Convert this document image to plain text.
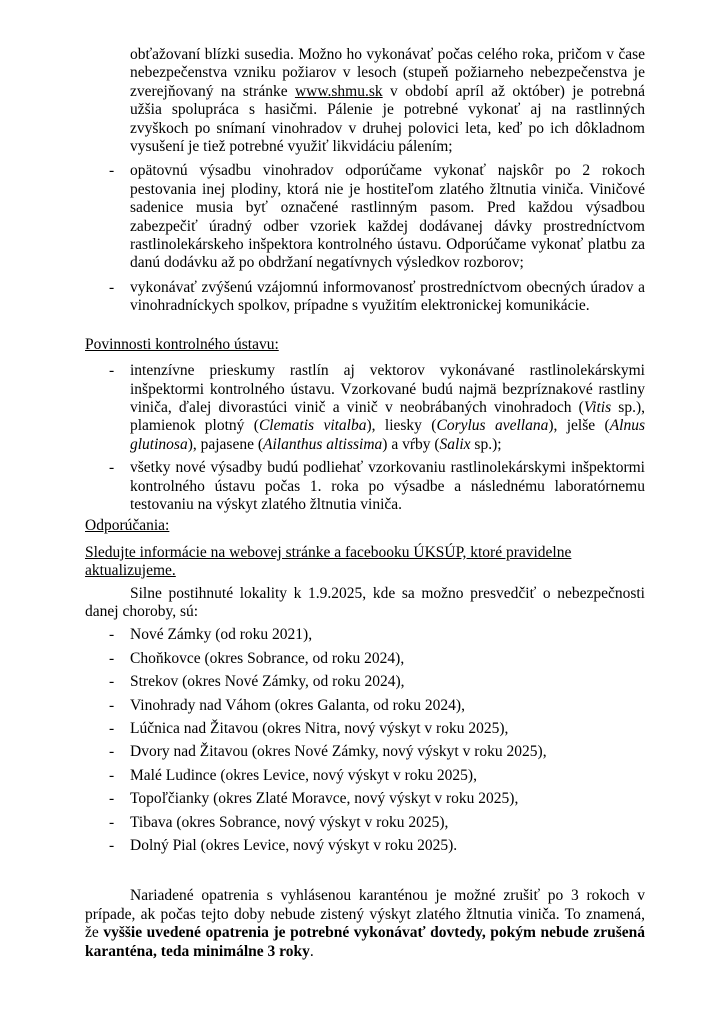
obťažovaní blízki susedia. Možno ho vykonávať počas celého roka, pričom v čase nebezpečenstva vzniku požiarov v lesoch (stupeň požiarneho nebezpečenstva je zverejňovaný na stránke www.shmu.sk v období apríl až október) je potrebná užšia spolupráca s hasičmi. Pálenie je potrebné vykonať aj na rastlinných zvyškoch po snímaní vinohradov v druhej polovici leta, keď po ich dôkladnom vysušení je tiež potrebné využiť likvidáciu pálením;

-	opätovnú výsadbu vinohradov odporúčame vykonať najskôr po 2 rokoch pestovania inej plodiny, ktorá nie je hostiteľom zlatého žltnutia viniča. Viničové sadenice musia byť označené rastlinným pasom. Pred každou výsadbou zabezpečiť úradný odber vzoriek každej dodávanej dávky prostredníctvom rastlinolekárskeho inšpektora kontrolného ústavu. Odporúčame vykonať platbu za danú dodávku až po obdržaní negatívnych výsledkov rozborov;

-	vykonávať zvýšenú vzájomnú informovanosť prostredníctvom obecných úradov a vinohradníckych spolkov, prípadne s využitím elektronickej komunikácie.

Povinnosti kontrolného ústavu:

-	intenzívne prieskumy rastlín aj vektorov vykonávané rastlinolekárskymi inšpektormi kontrolného ústavu. Vzorkované budú najmä bezpríznakové rastliny viniča, ďalej divorastúci vinič a vinič v neobrábaných vinohradoch (Vitis sp.), plamienok plotný (Clematis vitalba), liesky (Corylus avellana), jelše (Alnus glutinosa), pajasene (Ailanthus altissima) a vŕby (Salix sp.);

-	všetky nové výsadby budú podliehať vzorkovaniu rastlinolekárskymi inšpektormi kontrolného ústavu počas 1. roka po výsadbe a následnému laboratórnemu testovaniu na výskyt zlatého žltnutia viniča.

Odporúčania:

Sledujte informácie na webovej stránke a facebooku ÚKSÚP, ktoré pravidelne aktualizujeme.

Silne postihnuté lokality k 1.9.2025, kde sa možno presvedčiť o nebezpečnosti danej choroby, sú:

-	Nové Zámky (od roku 2021),

-	Choňkovce (okres Sobrance, od roku 2024),

-	Strekov (okres Nové Zámky, od roku 2024),

-	Vinohrady nad Váhom (okres Galanta, od roku 2024),

-	Lúčnica nad Žitavou (okres Nitra, nový výskyt v roku 2025),

-	Dvory nad Žitavou (okres Nové Zámky, nový výskyt v roku 2025),

-	Malé Ludince (okres Levice, nový výskyt v roku 2025),

-	Topoľčianky (okres Zlaté Moravce, nový výskyt v roku 2025),

-	Tibava (okres Sobrance, nový výskyt v roku 2025),

-	Dolný Pial (okres Levice, nový výskyt v roku 2025).

Nariadené opatrenia s vyhlásenou karanténou je možné zrušiť po 3 rokoch v prípade, ak počas tejto doby nebude zistený výskyt zlatého žltnutia viniča. To znamená, že vyššie uvedené opatrenia je potrebné vykonávať dovtedy, pokým nebude zrušená karanténa, teda minimálne 3 roky.
